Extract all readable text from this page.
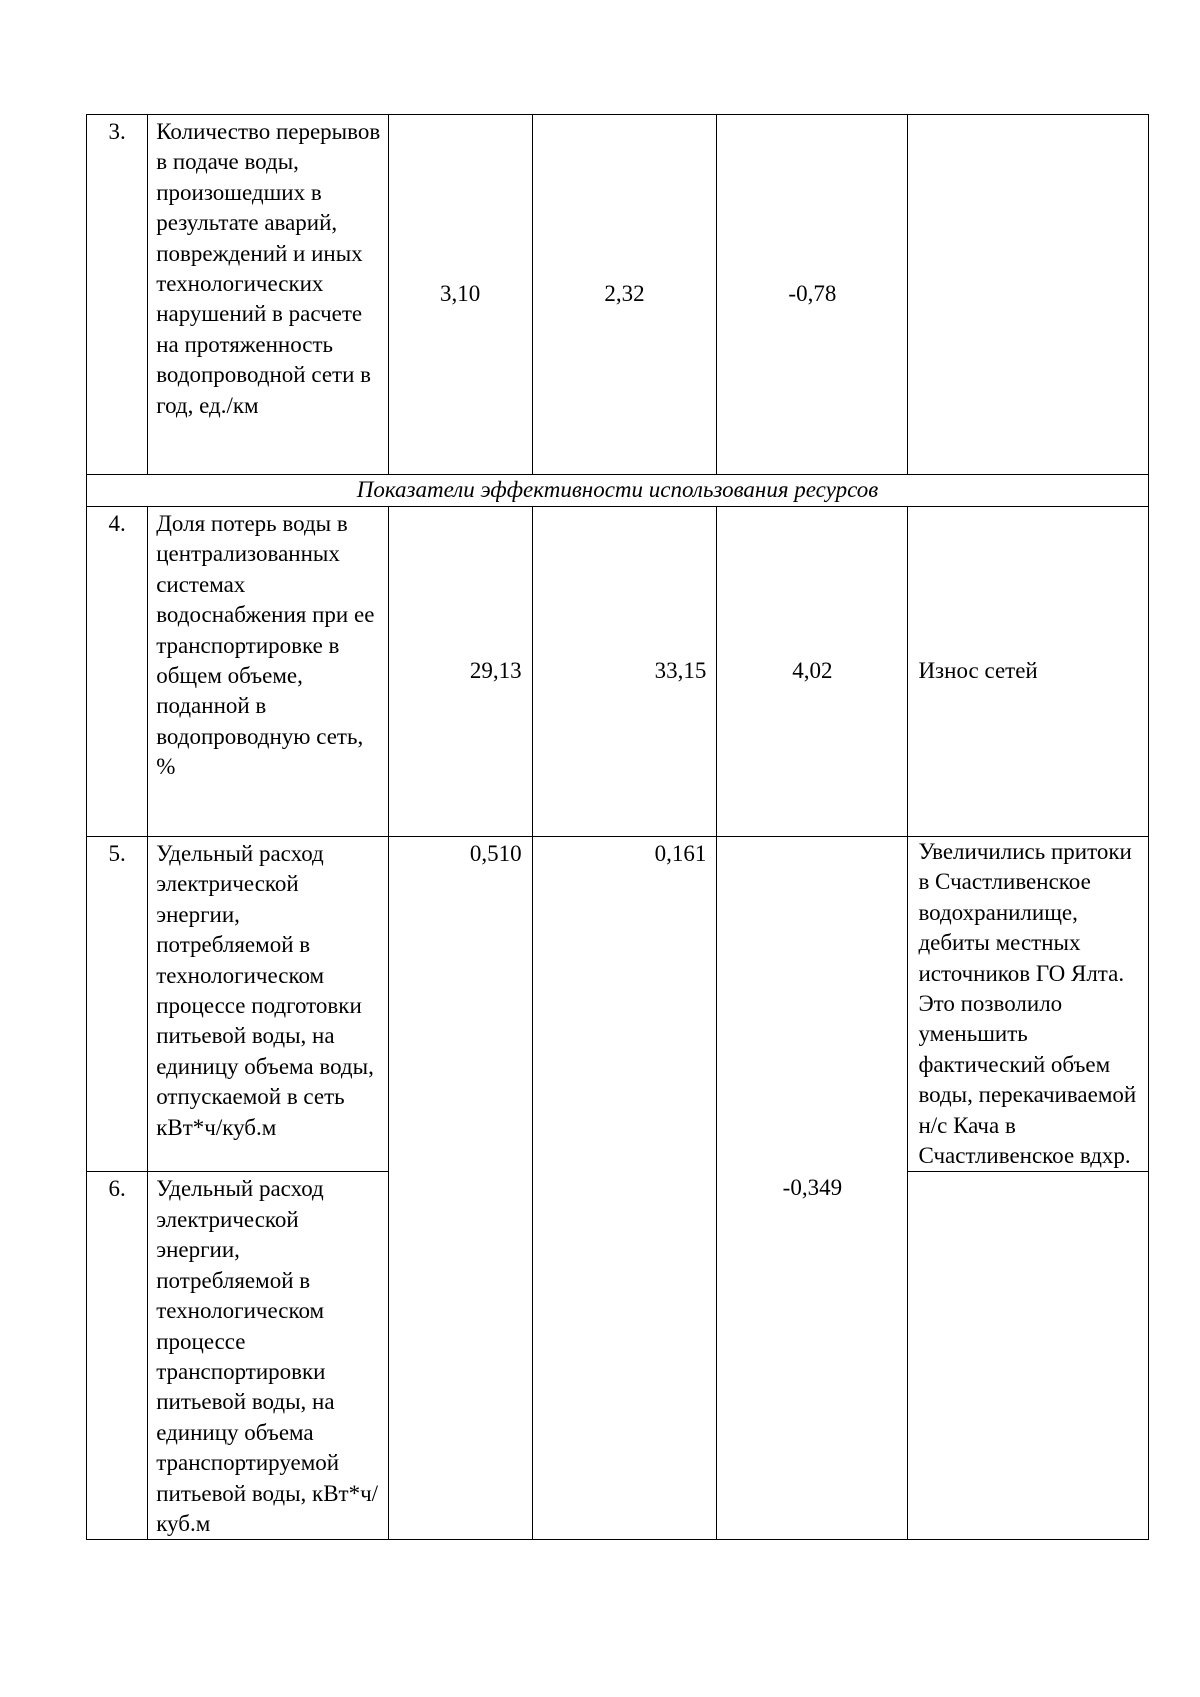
3.	Количество перерывов в подаче воды, произошедших в результате аварий, повреждений и иных технологических нарушений в расчете на протяженность водопроводной сети в год, ед./км	3,10	2,32	-0,78	
Показатели эффективности использования ресурсов					
4.	Доля потерь воды в централизованных системах водоснабжения при ее транспортировке в общем объеме, поданной в водопроводную сеть, %	29,13	33,15	4,02	Износ сетей
5.	Удельный расход электрической энергии, потребляемой в технологическом процессе подготовки питьевой воды, на единицу объема воды, отпускаемой в сеть кВт*ч/куб.м	0,510	0,161	-0,349	Увеличились притоки в Счастливенское водохранилище, дебиты местных источников ГО Ялта. Это позволило уменьшить фактический объем воды, перекачиваемой н/с Кача в Счастливенское вдхр.
6.	Удельный расход электрической энергии, потребляемой в технологическом процессе транспортировки питьевой воды, на единицу объема транспортируемой питьевой воды, кВт*ч/куб.м				
